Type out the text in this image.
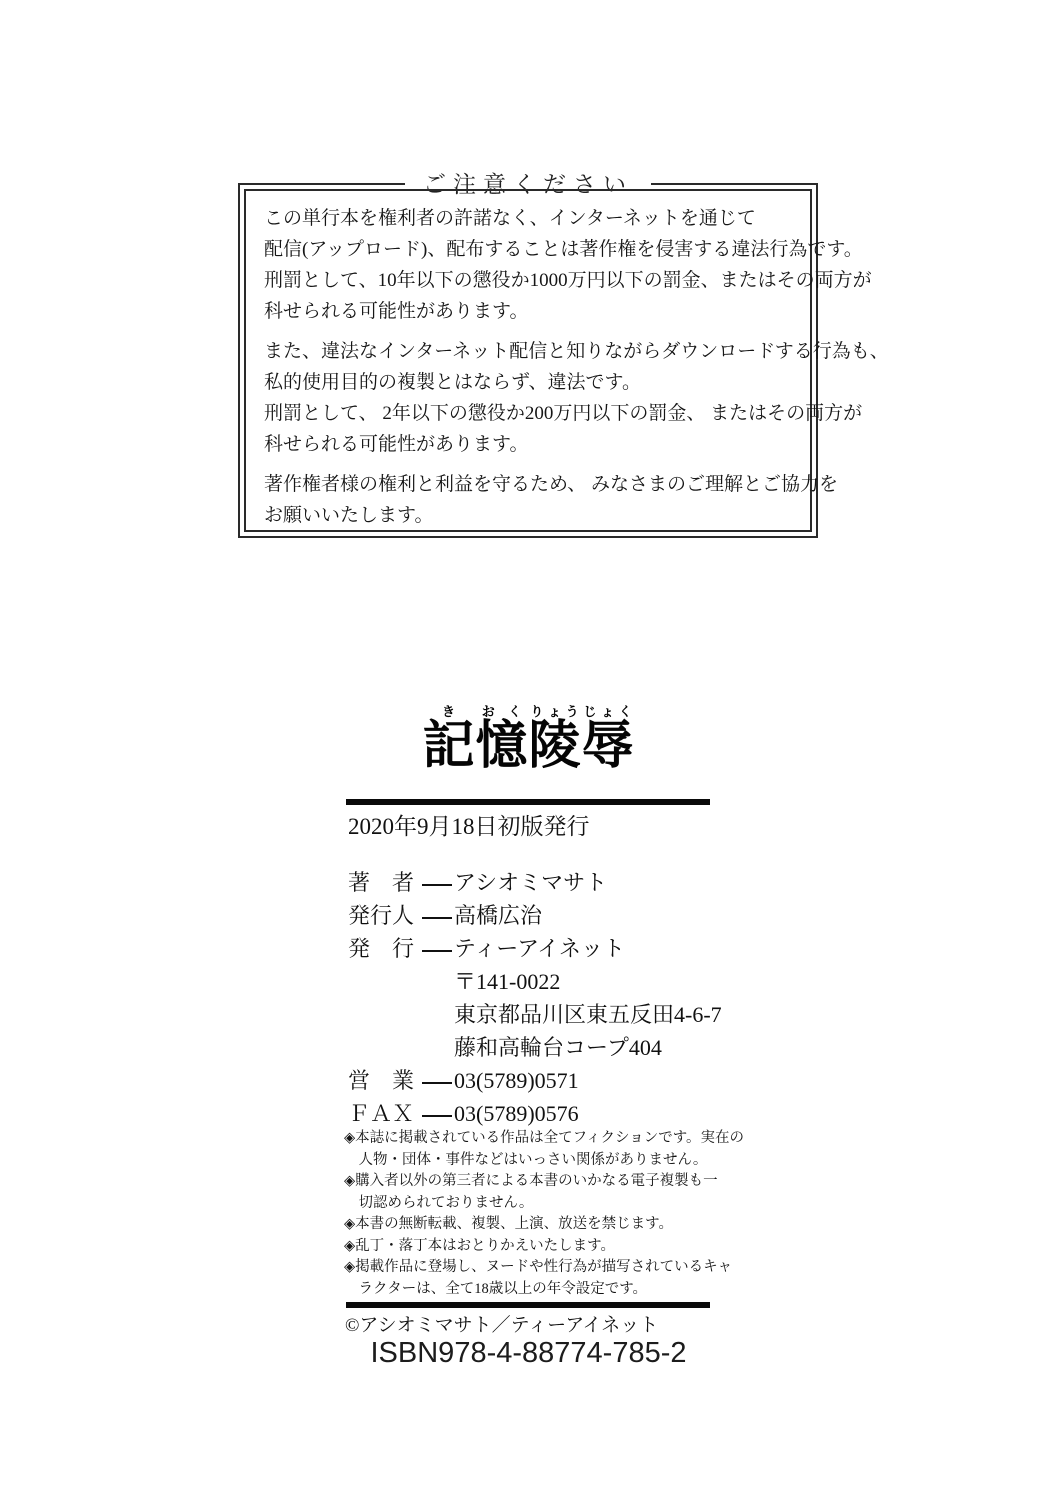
ご注意ください

この単行本を権利者の許諾なく、インターネットを通じて
配信(アップロード)、配布することは著作権を侵害する違法行為です。
刑罰として、10年以下の懲役か1000万円以下の罰金、またはその両方が
科せられる可能性があります。

また、違法なインターネット配信と知りながらダウンロードする行為も、
私的使用目的の複製とはならず、違法です。
刑罰として、 2年以下の懲役か200万円以下の罰金、 またはその両方が
科せられる可能性があります。

著作権者様の権利と利益を守るため、 みなさまのご理解とご協力を
お願いいたします。

記き憶おく陵りょう辱じょく
2020年9月18日初版発行
著　者 アシオミマサト
発行人 高橋広治
発　行 ティーアイネット
〒141-0022
東京都品川区東五反田4-6-7
藤和高輪台コープ404
営　業 03(5789)0571
ＦＡＸ 03(5789)0576
◈本誌に掲載されている作品は全てフィクションです。実在の
　人物・団体・事件などはいっさい関係がありません。
◈購入者以外の第三者による本書のいかなる電子複製も一
　切認められておりません。
◈本書の無断転載、複製、上演、放送を禁じます。
◈乱丁・落丁本はおとりかえいたします。
◈掲載作品に登場し、ヌードや性行為が描写されているキャ
　ラクターは、全て18歳以上の年令設定です。
©アシオミマサト／ティーアイネット
ISBN978-4-88774-785-2
